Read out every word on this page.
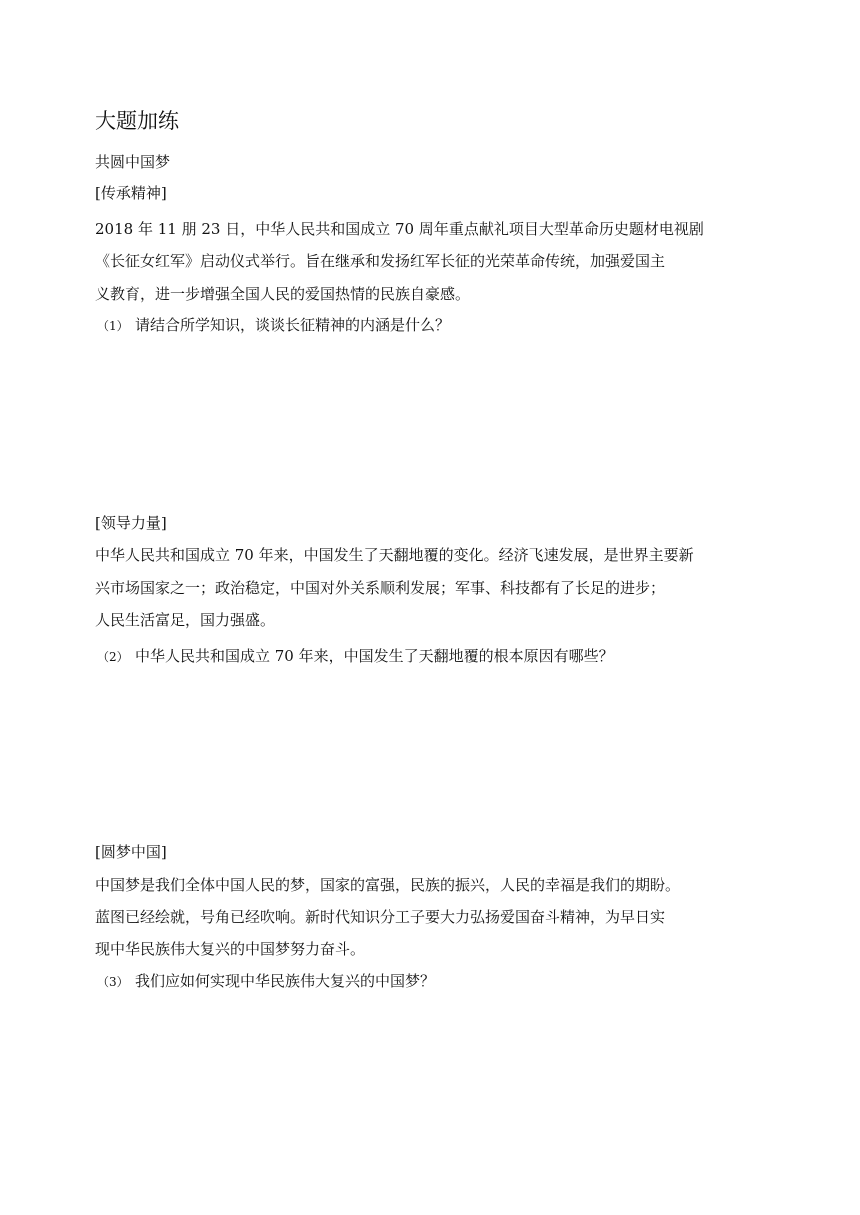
大题加练
共圆中国梦
[传承精神]
2018 年 11 朋 23 日，中华人民共和国成立 70 周年重点献礼项目大型革命历史题材电视剧
《长征女红军》启动仪式举行。旨在继承和发扬红军长征的光荣革命传统，加强爱国主
义教育，进一步增强全国人民的爱国热情的民族自豪感。
（1） 请结合所学知识，谈谈长征精神的内涵是什么？
[领导力量]
中华人民共和国成立 70 年来，中国发生了天翻地覆的变化。经济飞速发展，是世界主要新
兴市场国家之一；政治稳定，中国对外关系顺利发展；军事、科技都有了长足的进步；
人民生活富足，国力强盛。
（2） 中华人民共和国成立 70 年来，中国发生了天翻地覆的根本原因有哪些？
[圆梦中国]
中国梦是我们全体中国人民的梦，国家的富强，民族的振兴，人民的幸福是我们的期盼。
蓝图已经绘就，号角已经吹响。新时代知识分工子要大力弘扬爱国奋斗精神，为早日实
现中华民族伟大复兴的中国梦努力奋斗。
（3） 我们应如何实现中华民族伟大复兴的中国梦？
